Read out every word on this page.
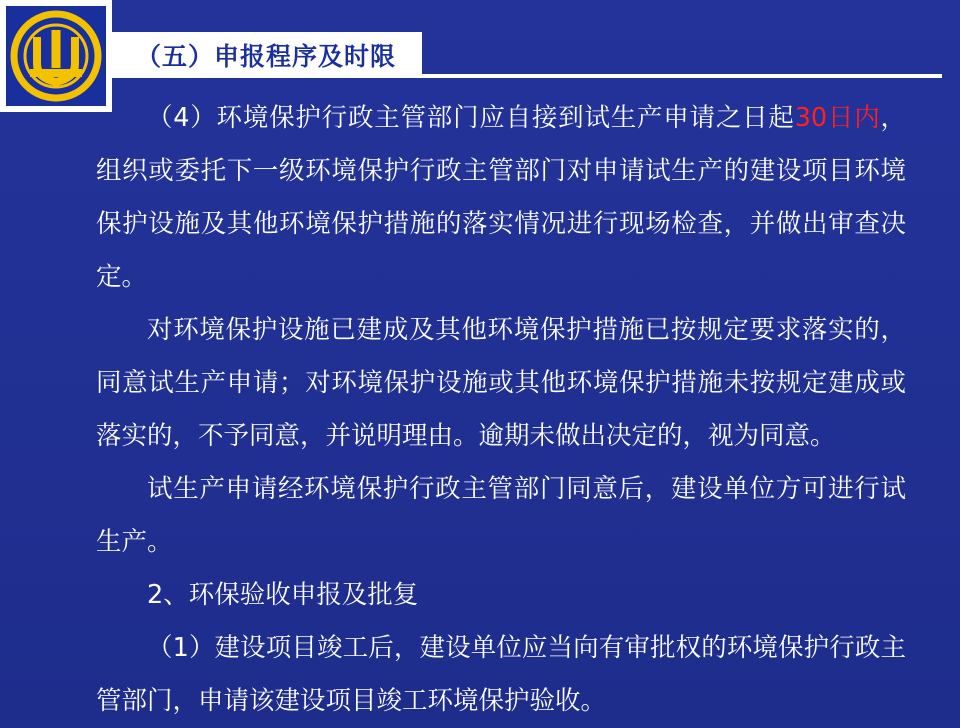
（五）申报程序及时限

（4）环境保护行政主管部门应自接到试生产申请之日起30日内，组织或委托下一级环境保护行政主管部门对申请试生产的建设项目环境保护设施及其他环境保护措施的落实情况进行现场检查，并做出审查决定。

对环境保护设施已建成及其他环境保护措施已按规定要求落实的，同意试生产申请；对环境保护设施或其他环境保护措施未按规定建成或落实的，不予同意，并说明理由。逾期未做出决定的，视为同意。

试生产申请经环境保护行政主管部门同意后，建设单位方可进行试生产。

2、环保验收申报及批复

（1）建设项目竣工后，建设单位应当向有审批权的环境保护行政主管部门，申请该建设项目竣工环境保护验收。
